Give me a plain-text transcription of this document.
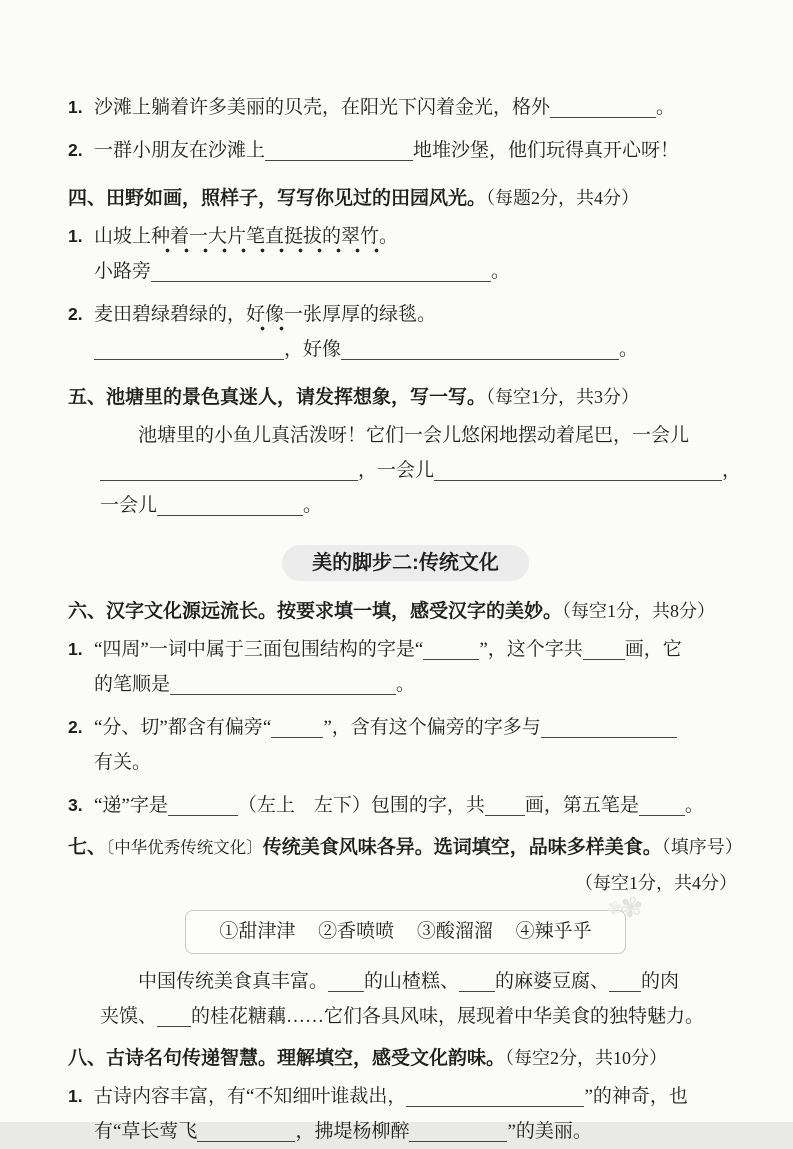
1. 沙滩上躺着许多美丽的贝壳，在阳光下闪着金光，格外	。
2. 一群小朋友在沙滩上	地堆沙堡，他们玩得真开心呀！
四、田野如画，照样子，写写你见过的田园风光。（每题2分，共4分）
1. 山坡上种着一大片笔直挺拔的翠竹。
小路旁	。
2. 麦田碧绿碧绿的，好像一张厚厚的绿毯。
，好像	。
五、池塘里的景色真迷人，请发挥想象，写一写。（每空1分，共3分）
池塘里的小鱼儿真活泼呀！它们一会儿悠闲地摆动着尾巴，一会儿
，一会儿	，
一会儿	。
美的脚步二:传统文化
六、汉字文化源远流长。按要求填一填，感受汉字的美妙。（每空1分，共8分）
1. “四周”一词中属于三面包围结构的字是“	”，这个字共 画，它
的笔顺是	。
2. “分、切”都含有偏旁“	”，含有这个偏旁的字多与
有关。
3. “递”字是	（左上　左下）包围的字，共 画，第五笔是 。
七、〔中华优秀传统文化〕传统美食风味各异。选词填空，品味多样美食。（填序号）
（每空1分，共4分）
✾ ✾
①甜津津 ②香喷喷 ③酸溜溜 ④辣乎乎
中国传统美食真丰富。 的山楂糕、 的麻婆豆腐、 的肉
夹馍、 的桂花糖藕……它们各具风味，展现着中华美食的独特魅力。
八、古诗名句传递智慧。理解填空，感受文化韵味。（每空2分，共10分）
1. 古诗内容丰富，有“不知细叶谁裁出，	”的神奇，也
有“草长莺飞	，拂堤杨柳醉	”的美丽。
